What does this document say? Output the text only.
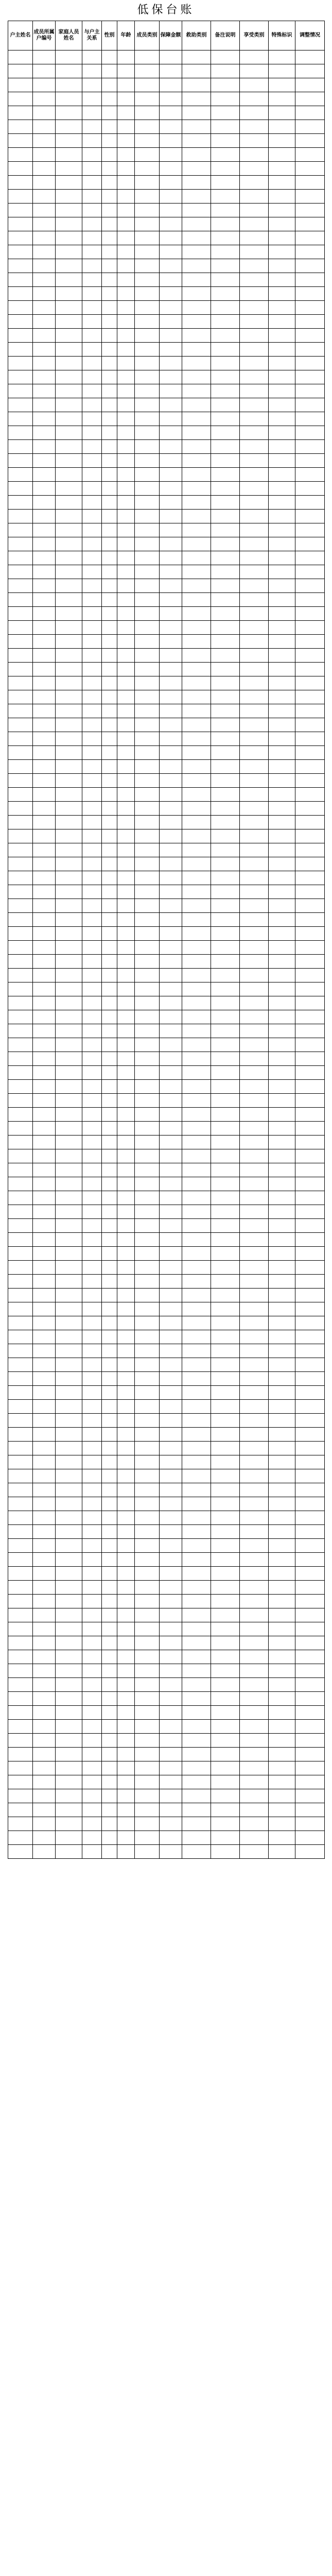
低保台账
户主姓名	成员所属户编号	家庭人员姓名	与户主关系	性别	年龄	成员类别	保障金额	救助类别	备注说明	享受类别	特殊标识	调整情况
